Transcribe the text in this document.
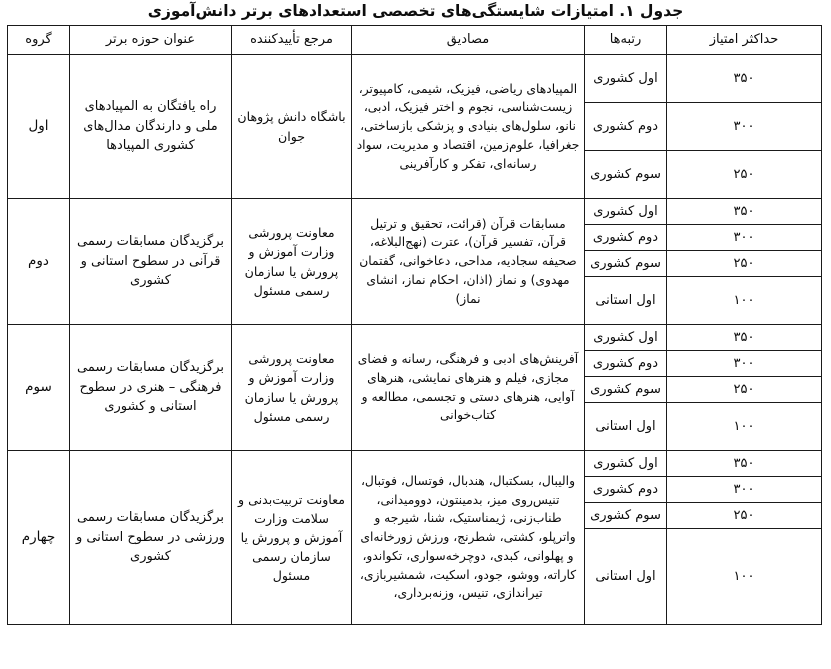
جدول ۱. امتیازات شایستگی‌های تخصصی استعدادهای برتر دانش‌آموزی
حداکثر امتیاز	رتبه‌ها	مصادیق	مرجع تأییدکننده	عنوان حوزه برتر	گروه
۳۵۰	اول کشوری	المپیادهای ریاضی، فیزیک، شیمی، کامپیوتر، زیست‌شناسی، نجوم و اختر فیزیک، ادبی، نانو، سلول‌های بنیادی و پزشکی بازساختی، جغرافیا، علوم‌زمین، اقتصاد و مدیریت، سواد رسانه‌ای، تفکر و کارآفرینی	باشگاه دانش پژوهان جوان	راه یافتگان به المپیادهای ملی و دارندگان مدال‌های کشوری المپیادها	اول
۳۰۰	دوم کشوری				
۲۵۰	سوم کشوری				
۳۵۰	اول کشوری	مسابقات قرآن (قرائت، تحقیق و ترتیل قرآن، تفسیر قرآن)، عترت (نهج‌البلاغه، صحیفه سجادیه، مداحی، دعاخوانی، گفتمان مهدوی) و نماز (اذان، احکام نماز، انشای نماز)	معاونت پرورشی وزارت آموزش و پرورش یا سازمان رسمی مسئول	برگزیدگان مسابقات رسمی قرآنی در سطوح استانی و کشوری	دوم
۳۰۰	دوم کشوری				
۲۵۰	سوم کشوری				
۱۰۰	اول استانی				
۳۵۰	اول کشوری	آفرینش‌های ادبی و فرهنگی، رسانه و فضای مجازی، فیلم و هنرهای نمایشی، هنرهای آوایی، هنرهای دستی و تجسمی، مطالعه و کتاب‌خوانی	معاونت پرورشی وزارت آموزش و پرورش یا سازمان رسمی مسئول	برگزیدگان مسابقات رسمی فرهنگی – هنری در سطوح استانی و کشوری	سوم
۳۰۰	دوم کشوری				
۲۵۰	سوم کشوری				
۱۰۰	اول استانی				
۳۵۰	اول کشوری	والیبال، بسکتبال، هندبال، فوتسال، فوتبال، تنیس‌روی میز، بدمینتون، دوومیدانی، طناب‌زنی، ژیمناستیک، شنا، شیرجه و واترپلو، کشتی، شطرنج، ورزش زورخانه‌ای و پهلوانی، کبدی، دوچرخه‌سواری، تکواندو، کاراته، ووشو، جودو، اسکیت، شمشیربازی، تیراندازی، تنیس، وزنه‌برداری،	معاونت تربیت‌بدنی و سلامت وزارت آموزش و پرورش یا سازمان رسمی مسئول	برگزیدگان مسابقات رسمی ورزشی در سطوح استانی و کشوری	چهارم
۳۰۰	دوم کشوری				
۲۵۰	سوم کشوری				
۱۰۰	اول استانی				
